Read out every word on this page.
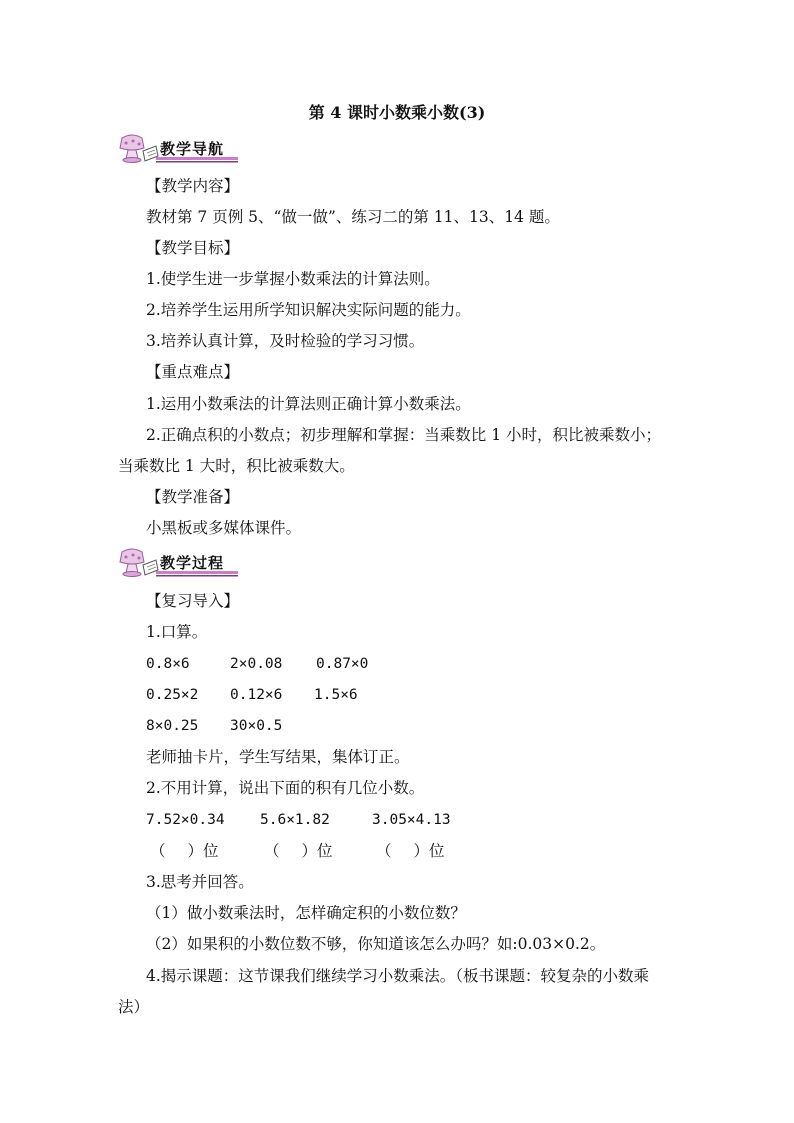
第 4 课时小数乘小数(3)
教学导航
【教学内容】
教材第 7 页例 5、“做一做”、练习二的第 11、13、14 题。
【教学目标】
1.使学生进一步掌握小数乘法的计算法则。
2.培养学生运用所学知识解决实际问题的能力。
3.培养认真计算，及时检验的学习习惯。
【重点难点】
1.运用小数乘法的计算法则正确计算小数乘法。
2.正确点积的小数点；初步理解和掌握：当乘数比 1 小时，积比被乘数小；
当乘数比 1 大时，积比被乘数大。
【教学准备】
小黑板或多媒体课件。
教学过程
【复习导入】
1.口算。
0.8×6	2×0.08 0.87×0
0.25×2 0.12×6 1.5×6
8×0.25 30×0.5
老师抽卡片，学生写结果，集体订正。
2.不用计算，说出下面的积有几位小数。
7.52×0.34 5.6×1.82	3.05×4.13
（ ）位	（ ）位	（ ）位
3.思考并回答。
（1）做小数乘法时，怎样确定积的小数位数？
（2）如果积的小数位数不够，你知道该怎么办吗？如:0.03×0.2。
4.揭示课题：这节课我们继续学习小数乘法。（板书课题：较复杂的小数乘
法）
